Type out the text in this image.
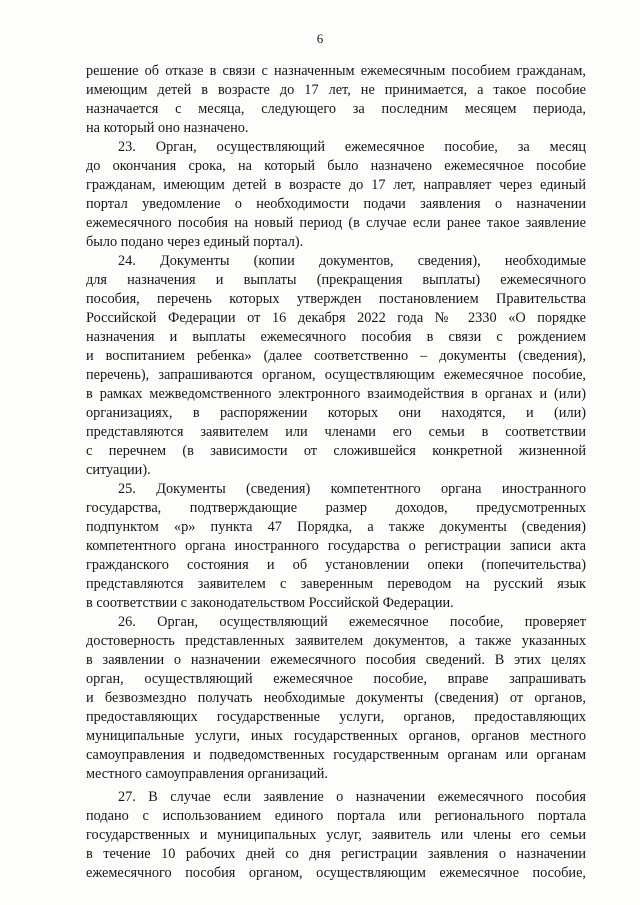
6
решение об отказе в связи с назначенным ежемесячным пособием гражданам,
имеющим детей в возрасте до 17 лет, не принимается, а такое пособие
назначается с месяца, следующего за последним месяцем периода,
на который оно назначено.
23. Орган, осуществляющий ежемесячное пособие, за месяц
до окончания срока, на который было назначено ежемесячное пособие
гражданам, имеющим детей в возрасте до 17 лет, направляет через единый
портал уведомление о необходимости подачи заявления о назначении
ежемесячного пособия на новый период (в случае если ранее такое заявление
было подано через единый портал).
24. Документы (копии документов, сведения), необходимые
для назначения и выплаты (прекращения выплаты) ежемесячного
пособия, перечень которых утвержден постановлением Правительства
Российской Федерации от 16 декабря 2022 года № 2330 «О порядке
назначения и выплаты ежемесячного пособия в связи с рождением
и воспитанием ребенка» (далее соответственно – документы (сведения),
перечень), запрашиваются органом, осуществляющим ежемесячное пособие,
в рамках межведомственного электронного взаимодействия в органах и (или)
организациях, в распоряжении которых они находятся, и (или)
представляются заявителем или членами его семьи в соответствии
с перечнем (в зависимости от сложившейся конкретной жизненной
ситуации).
25. Документы (сведения) компетентного органа иностранного
государства, подтверждающие размер доходов, предусмотренных
подпунктом «р» пункта 47 Порядка, а также документы (сведения)
компетентного органа иностранного государства о регистрации записи акта
гражданского состояния и об установлении опеки (попечительства)
представляются заявителем с заверенным переводом на русский язык
в соответствии с законодательством Российской Федерации.
26. Орган, осуществляющий ежемесячное пособие, проверяет
достоверность представленных заявителем документов, а также указанных
в заявлении о назначении ежемесячного пособия сведений. В этих целях
орган, осуществляющий ежемесячное пособие, вправе запрашивать
и безвозмездно получать необходимые документы (сведения) от органов,
предоставляющих государственные услуги, органов, предоставляющих
муниципальные услуги, иных государственных органов, органов местного
самоуправления и подведомственных государственным органам или органам
местного самоуправления организаций.
27. В случае если заявление о назначении ежемесячного пособия
подано с использованием единого портала или регионального портала
государственных и муниципальных услуг, заявитель или члены его семьи
в течение 10 рабочих дней со дня регистрации заявления о назначении
ежемесячного пособия органом, осуществляющим ежемесячное пособие,
